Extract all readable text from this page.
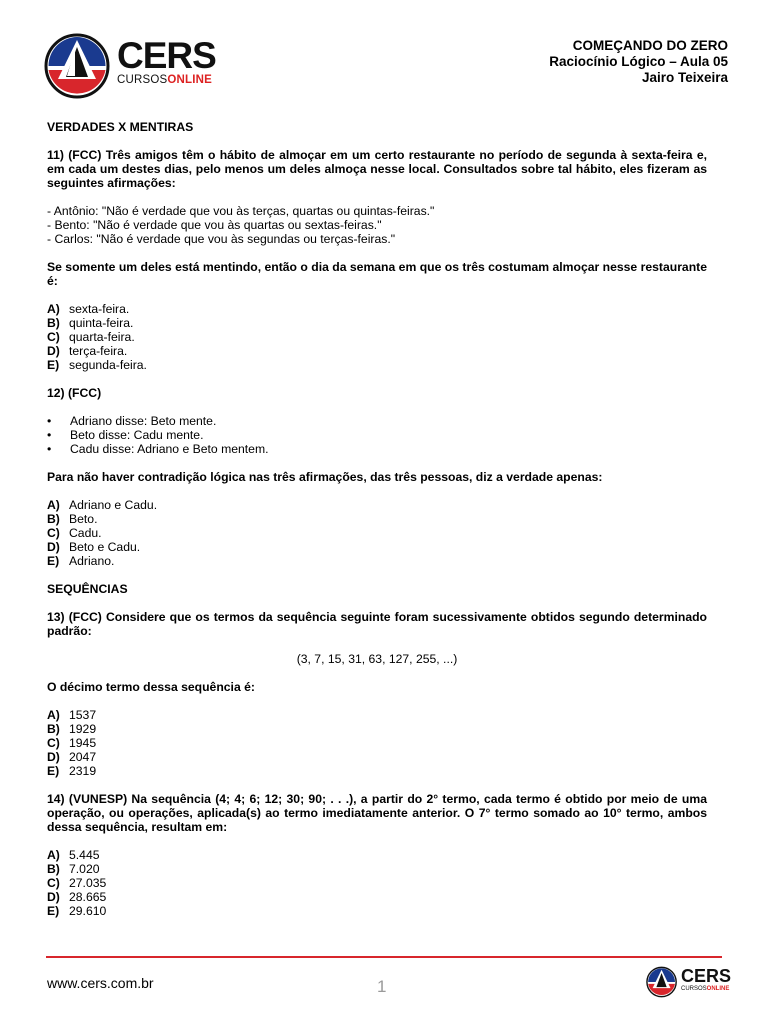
CERS
CURSOSONLINE
COMEÇANDO DO ZERO
Raciocínio Lógico – Aula 05
Jairo Teixeira

VERDADES X MENTIRAS

11) (FCC) Três amigos têm o hábito de almoçar em um certo restaurante no período de segunda à sexta-feira e, em cada um destes dias, pelo menos um deles almoça nesse local. Consultados sobre tal hábito, eles fizeram as seguintes afirmações:

- Antônio: "Não é verdade que vou às terças, quartas ou quintas-feiras."

- Bento: "Não é verdade que vou às quartas ou sextas-feiras."

- Carlos: "Não é verdade que vou às segundas ou terças-feiras."

Se somente um deles está mentindo, então o dia da semana em que os três costumam almoçar nesse restaurante é:

A) sexta-feira.
B) quinta-feira.
C) quarta-feira.
D) terça-feira.
E) segunda-feira.

12) (FCC)

•	Adriano disse: Beto mente.
•	Beto disse: Cadu mente.
•	Cadu disse: Adriano e Beto mentem.

Para não haver contradição lógica nas três afirmações, das três pessoas, diz a verdade apenas:

A) Adriano e Cadu.
B) Beto.
C) Cadu.
D) Beto e Cadu.
E) Adriano.

SEQUÊNCIAS

13) (FCC) Considere que os termos da sequência seguinte foram sucessivamente obtidos segundo determinado padrão:

(3, 7, 15, 31, 63, 127, 255, ...)

O décimo termo dessa sequência é:

A) 1537
B) 1929
C) 1945
D) 2047
E) 2319

14) (VUNESP) Na sequência (4; 4; 6; 12; 30; 90; . . .), a partir do 2° termo, cada termo é obtido por meio de uma operação, ou operações, aplicada(s) ao termo imediatamente anterior. O 7° termo somado ao 10° termo, ambos dessa sequência, resultam em:

A) 5.445
B) 7.020
C) 27.035
D) 28.665
E) 29.610
www.cers.com.br	1
CERS
CURSOSONLINE
